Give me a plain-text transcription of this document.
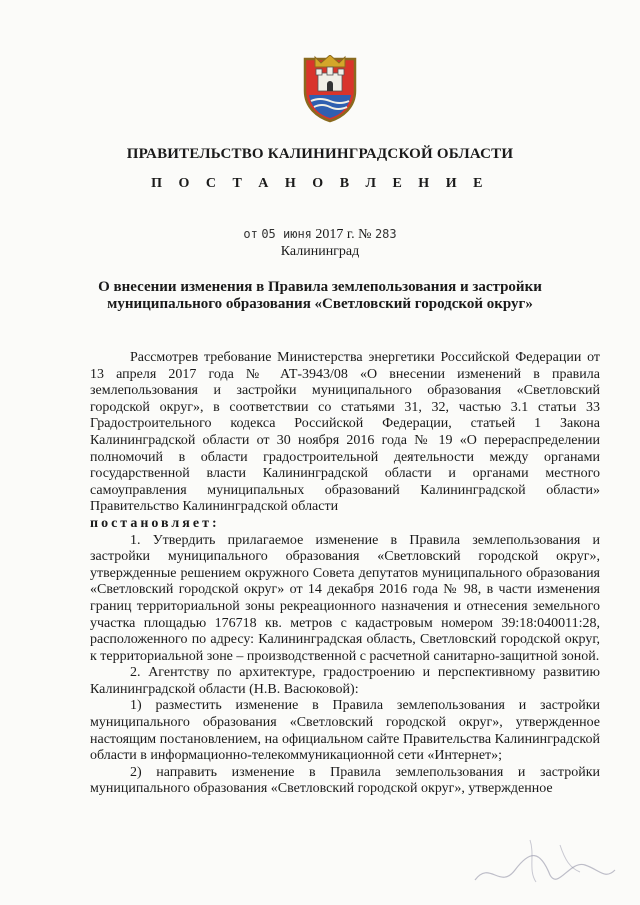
|
ПРАВИТЕЛЬСТВО КАЛИНИНГРАДСКОЙ ОБЛАСТИ
П О С Т А Н О В Л Е Н И Е
от 05 июня 2017 г. № 283
Калининград
О внесении изменения в Правила землепользования и застройки
муниципального образования «Светловский городской округ»

Рассмотрев требование Министерства энергетики Российской Федерации от 13 апреля 2017 года № АТ-3943/08 «О внесении изменений в правила землепользования и застройки муниципального образования «Светловский городской округ», в соответствии со статьями 31, 32, частью 3.1 статьи 33 Градостроительного кодекса Российской Федерации, статьей 1 Закона Калининградской области от 30 ноября 2016 года № 19 «О перераспределении полномочий в области градостроительной деятельности между органами государственной власти Калининградской области и органами местного самоуправления муниципальных образований Калининградской области» Правительство Калининградской области

постановляет:

1. Утвердить прилагаемое изменение в Правила землепользования и застройки муниципального образования «Светловский городской округ», утвержденные решением окружного Совета депутатов муниципального образования «Светловский городской округ» от 14 декабря 2016 года № 98, в части изменения границ территориальной зоны рекреационного назначения и отнесения земельного участка площадью 176718 кв. метров с кадастровым номером 39:18:040011:28, расположенного по адресу: Калининградская область, Светловский городской округ, к территориальной зоне – производственной с расчетной санитарно-защитной зоной.

2. Агентству по архитектуре, градостроению и перспективному развитию Калининградской области (Н.В. Васюковой):

1) разместить изменение в Правила землепользования и застройки муниципального образования «Светловский городской округ», утвержденное настоящим постановлением, на официальном сайте Правительства Калининградской области в информационно-телекоммуникационной сети «Интернет»;

2) направить изменение в Правила землепользования и застройки муниципального образования «Светловский городской округ», утвержденное
